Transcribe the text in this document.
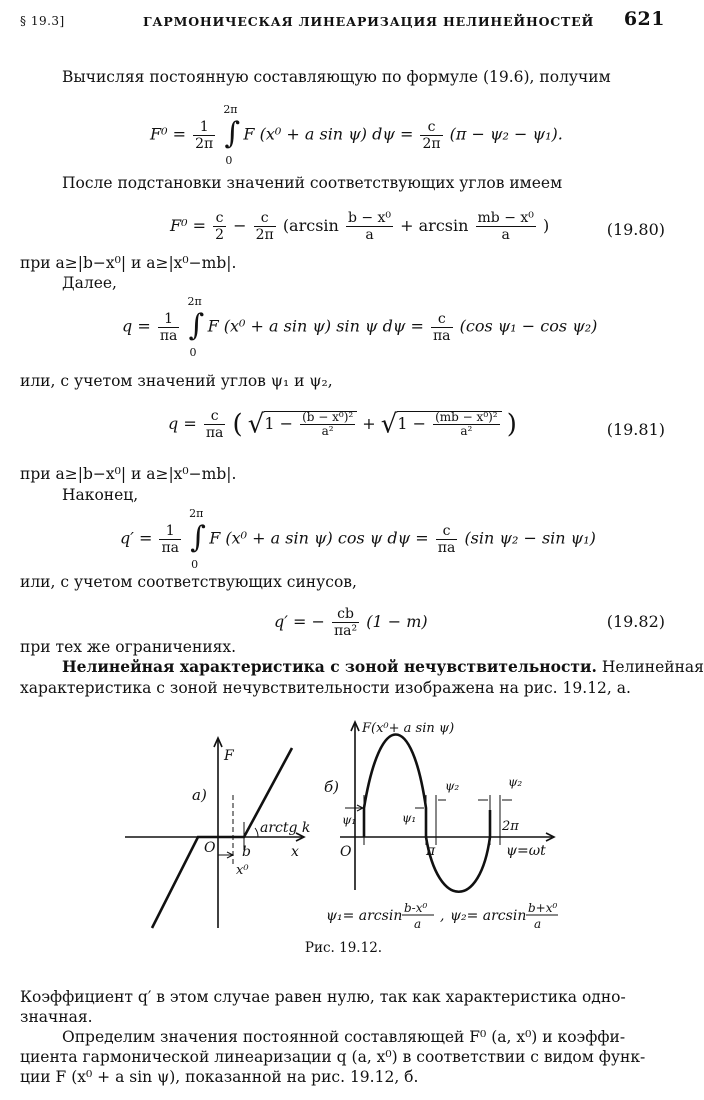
§ 19.3]	ГАРМОНИЧЕСКАЯ ЛИНЕАРИЗАЦИЯ НЕЛИНЕЙНОСТЕЙ 621
Вычисляя постоянную составляющую по формуле (19.6), получим
$F^0 = \frac{1}{2\pi}$

2π
∫
0
F (x⁰ + a sin ψ) $d\psi = \frac{c}{2\pi} (\pi - \psi_2 - \psi_1)$.
После подстановки значений соответствующих углов имеем
$F^0 = \frac{c}{2} - \frac{c}{2\pi} (\arcsin \frac{\text{b − x⁰}}{a} + \arcsin \frac{\text{mb − x⁰}}{a}$ )	(19.80)
при a≥|b−x⁰| и a≥|x⁰−mb|.
Далее,
$q = \frac{1}{\pi a}$

2π
∫
0
F (x⁰ + a sin ψ) sin ψ $d\psi = \frac{c}{\pi a} (\cos$ ψ₁ − cos ψ₂)
или, с учетом значений углов ψ₁ и ψ₂,
$q = \frac{c}{\pi a}$ ( $√1 - \frac{\text{(b − x⁰)²}}{\text{a²}} + √1 - \frac{\text{(mb − x⁰)²}}{\text{a²}}$ )	(19.81)
при a≥|b−x⁰| и a≥|x⁰−mb|.
Наконец,
$q' = \frac{1}{\pi a}$

2π
∫
0
F (x⁰ + a sin ψ) cos ψ $d\psi = \frac{c}{\pi a} (\sin$ ψ₂ − sin ψ₁)
или, с учетом соответствующих синусов,
q′ = − $\frac{cb}{\text{πa²}} (1 - m)$	(19.82)
при тех же ограничениях.
Нелинейная характеристика с зоной нечувствительности. Нелинейная
характеристика с зоной нечувствительности изображена на рис. 19.12, а.
F
а)
O b
x⁰
x
arctg k
F(x⁰+ a sin ψ)
б)
O
ψ₁	ψ₁
ψ₂	ψ₂
π
2π
ψ=ωt
ψ₁= arcsin b-x⁰
a , ψ₂= arcsin b+x⁰
a
Рис. 19.12.
Коэффициент q′ в этом случае равен нулю, так как характеристика одно-
значная.
Определим значения постоянной составляющей F⁰ (a, x⁰) и коэффи-
циента гармонической линеаризации q (a, x⁰) в соответствии с видом функ-
ции F (x⁰ + a sin ψ), показанной на рис. 19.12, б.
